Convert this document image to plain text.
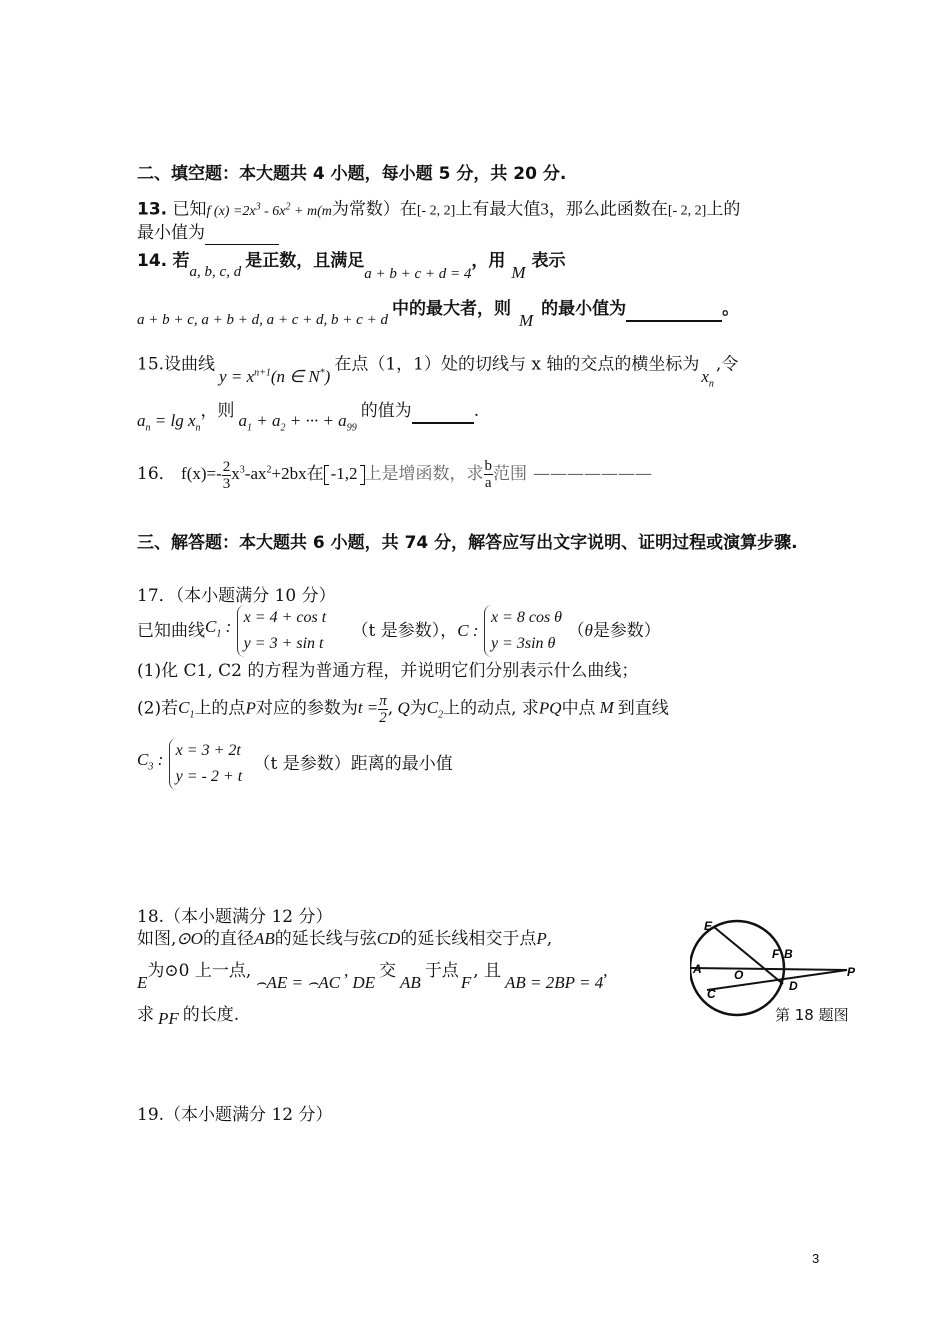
二、填空题：本大题共 4 小题，每小题 5 分，共 20 分.
13. 已知f $(x) =2x^3 - 6x^2 + m(m$为常数）在[- 2, 2]上有最大值3，那么此函数在[- 2, 2]上的
最小值为
14. 若a, b, c, d是正数，且满足a + b + c + d = 4，用M表示
a + b + c, a + b + d, a + c + d, b + c + d中的最大者，则M的最小值为	。
15.设曲线$y = x^{n+1}(n$ ∈ N*)在点（1，1）处的切线与 x 轴的交点的横坐标为$x_n$,令
$a_n = \lg x_n$，则 $a_1 + a_2$ + ··· + $a_{99}$的值为	.
16． $f(x)=- \frac{2}{3} x^3-ax^2+2bx$在 -1,2 上是增函数，求 $\frac{b}{a}$ 范围 ———————
三、解答题：本大题共 6 小题，共 74 分，解答应写出文字说明、证明过程或演算步骤.
17．（本小题满分 10 分）
已知曲线$C_1$ : x = 4 + cos t
y = 3 + sin t
（t 是参数），C :
x = 8 cos θ
y = 3sin θ
（θ是参数）
(1)化 C1, C2 的方程为普通方程，并说明它们分别表示什么曲线；
(2)若$C_1$上的点P对应的参数为$t = \frac{\pi}{2}$ , Q为$C_2$上的动点, 求PQ中点 M 到直线
$C_3$ : x = 3 + 2t
y = - 2 + t
（t 是参数）距离的最小值
18.（本小题满分 12 分）
如图,⊙O的直径AB的延长线与弦CD的延长线相交于点P,
E为⊙0 上一点,⌢AE = ⌢AC,DE交AB于点F, 且AB = 2BP = 4,
求 PF 的长度.
E
A	O
C
F B
D
P
第 18 题图
19.（本小题满分 12 分）
3
